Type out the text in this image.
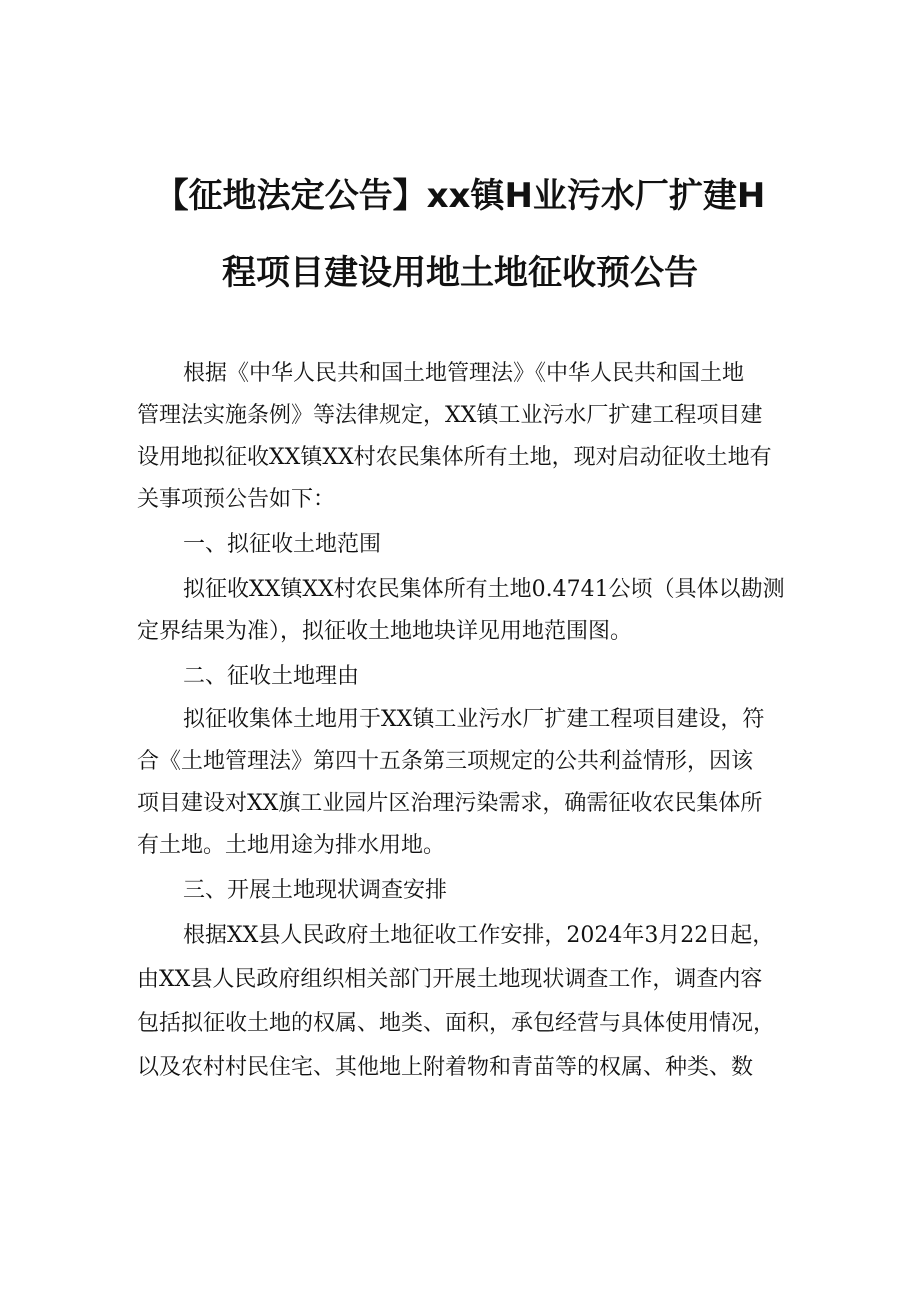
【征地法定公告】xx镇H业污水厂扩建H
程项目建设用地土地征收预公告
根据《中华人民共和国土地管理法》《中华人民共和国土地
管理法实施条例》等法律规定，XX镇工业污水厂扩建工程项目建
设用地拟征收XX镇XX村农民集体所有土地，现对启动征收土地有
关事项预公告如下：
一、拟征收土地范围
拟征收XX镇XX村农民集体所有土地0.4741公顷（具体以勘测
定界结果为准），拟征收土地地块详见用地范围图。
二、征收土地理由
拟征收集体土地用于XX镇工业污水厂扩建工程项目建设，符
合《土地管理法》第四十五条第三项规定的公共利益情形，因该
项目建设对XX旗工业园片区治理污染需求，确需征收农民集体所
有土地。土地用途为排水用地。
三、开展土地现状调查安排
根据XX县人民政府土地征收工作安排，2024年3月22日起，
由XX县人民政府组织相关部门开展土地现状调查工作，调查内容
包括拟征收土地的权属、地类、面积，承包经营与具体使用情况，
以及农村村民住宅、其他地上附着物和青苗等的权属、种类、数
